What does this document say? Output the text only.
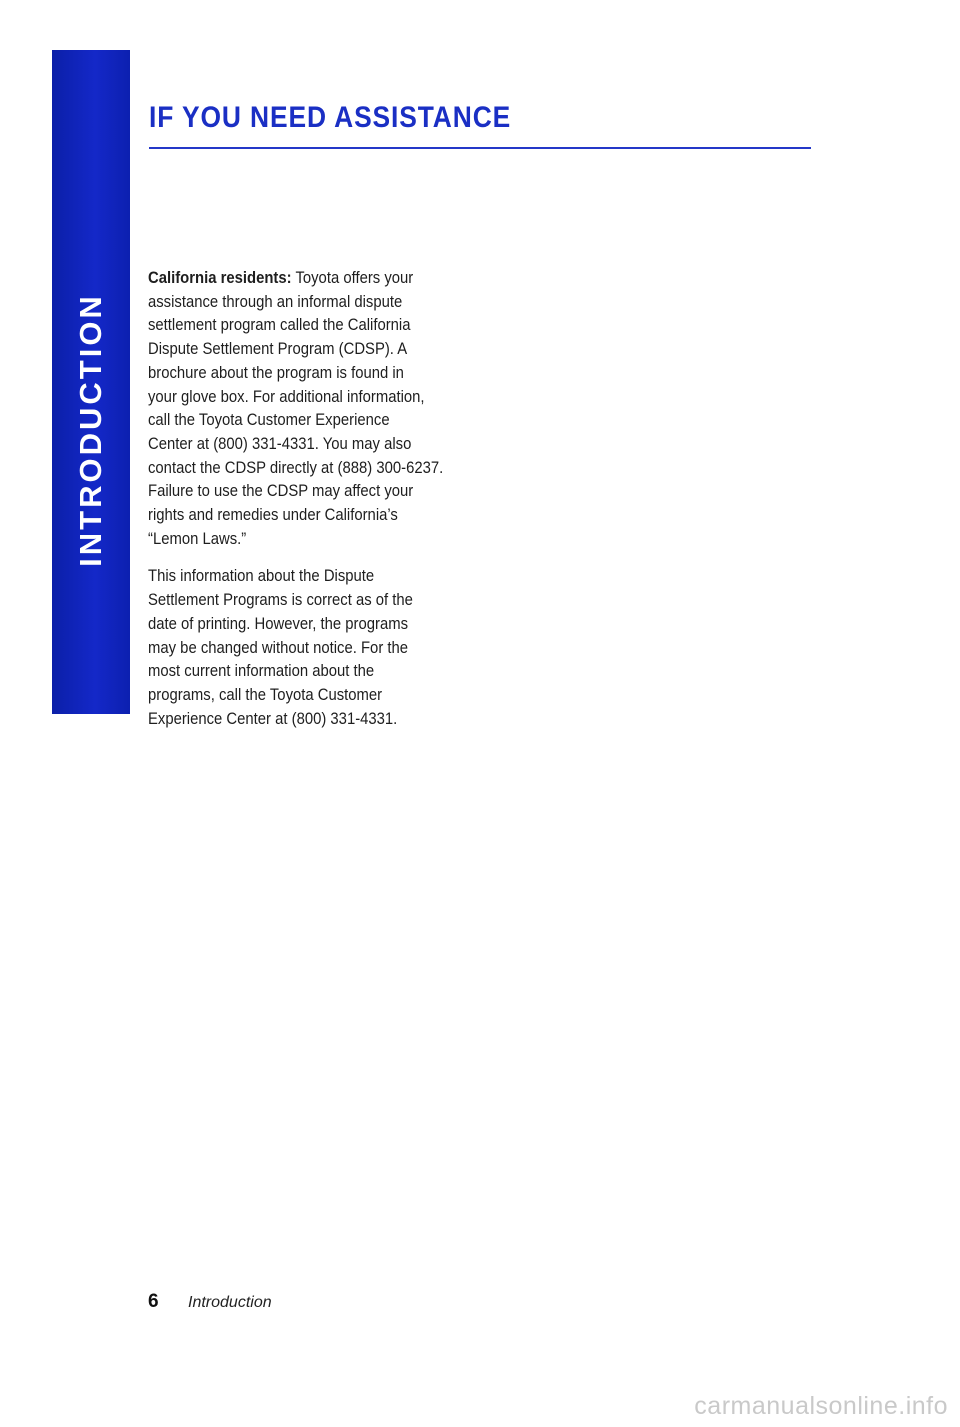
INTRODUCTION
IF YOU NEED ASSISTANCE

California residents: Toyota offers your
assistance through an informal dispute
settlement program called the California
Dispute Settlement Program (CDSP). A
brochure about the program is found in
your glove box. For additional information,
call the Toyota Customer Experience
Center at (800) 331-4331. You may also
contact the CDSP directly at (888) 300-6237.
Failure to use the CDSP may affect your
rights and remedies under California’s
“Lemon Laws.”

This information about the Dispute
Settlement Programs is correct as of the
date of printing. However, the programs
may be changed without notice. For the
most current information about the
programs, call the Toyota Customer
Experience Center at (800) 331-4331.

6	Introduction
carmanualsonline.info
